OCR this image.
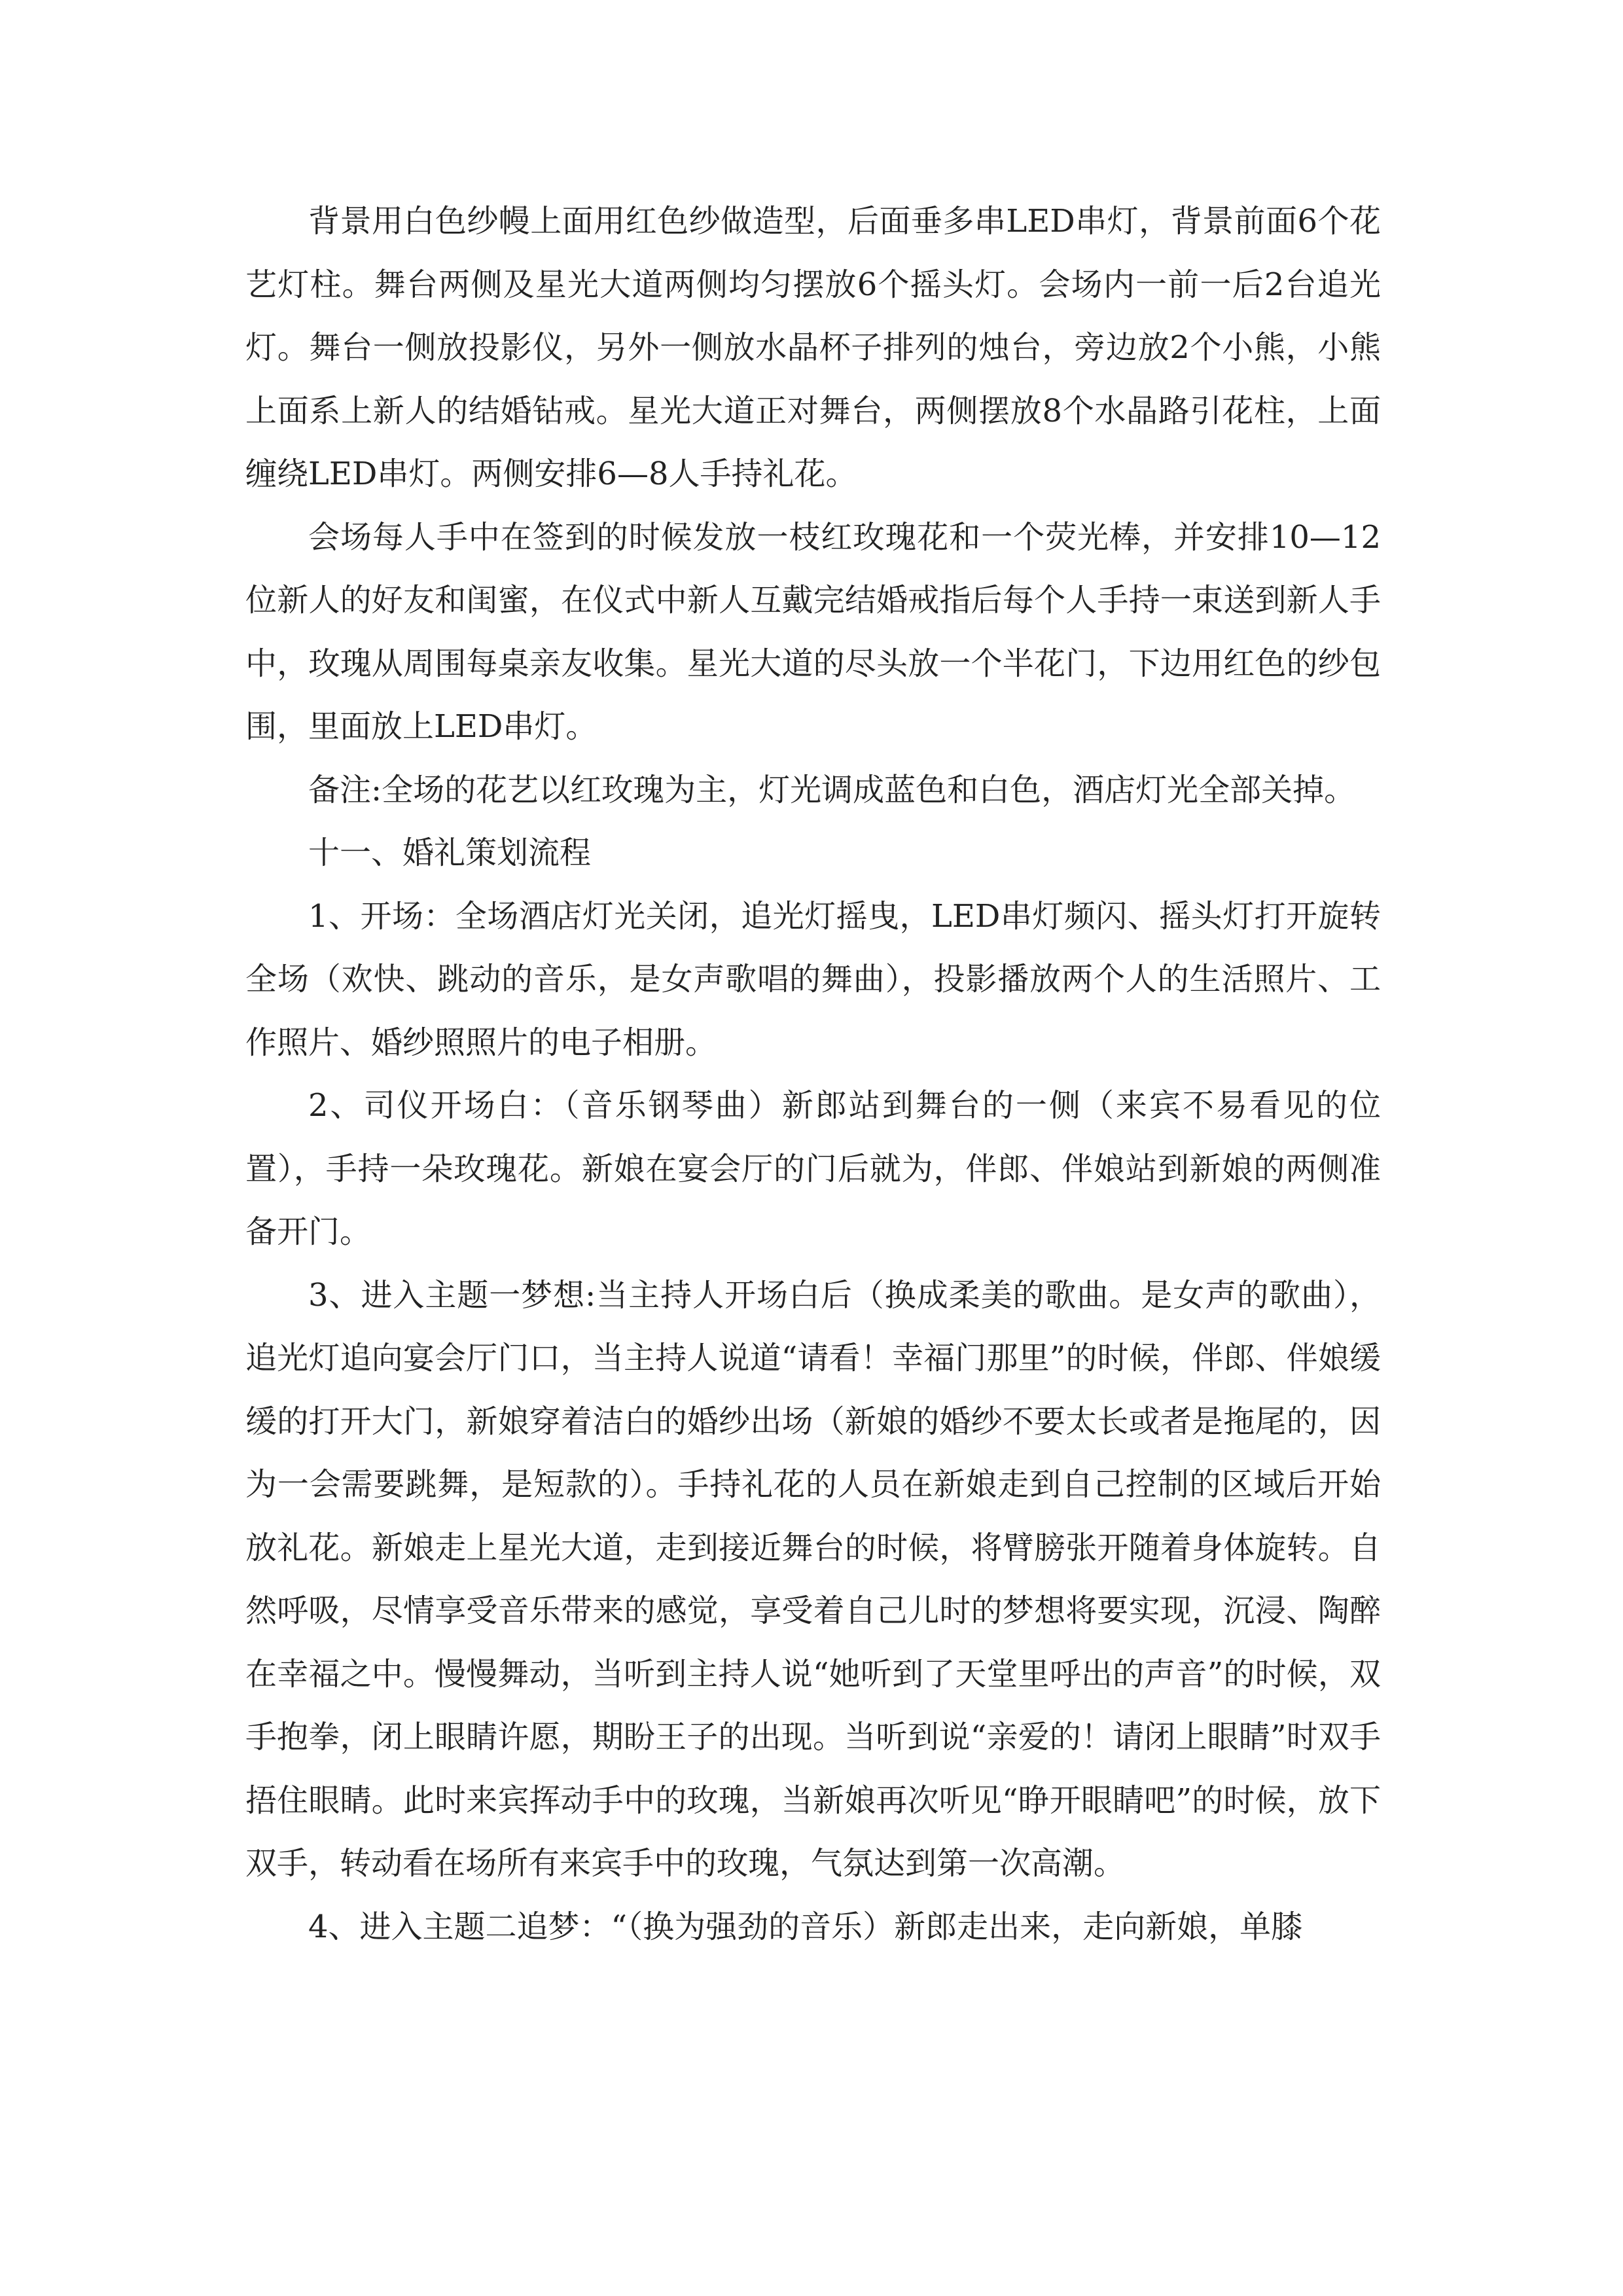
背景用白色纱幔上面用红色纱做造型，后面垂多串LED串灯，背景前面6个花艺灯柱。舞台两侧及星光大道两侧均匀摆放6个摇头灯。会场内一前一后2台追光灯。舞台一侧放投影仪，另外一侧放水晶杯子排列的烛台，旁边放2个小熊，小熊上面系上新人的结婚钻戒。星光大道正对舞台，两侧摆放8个水晶路引花柱，上面缠绕LED串灯。两侧安排6—8人手持礼花。

会场每人手中在签到的时候发放一枝红玫瑰花和一个荧光棒，并安排10—12位新人的好友和闺蜜，在仪式中新人互戴完结婚戒指后每个人手持一束送到新人手中，玫瑰从周围每桌亲友收集。星光大道的尽头放一个半花门，下边用红色的纱包围，里面放上LED串灯。

备注:全场的花艺以红玫瑰为主，灯光调成蓝色和白色，酒店灯光全部关掉。

十一、婚礼策划流程

1、开场：全场酒店灯光关闭，追光灯摇曳，LED串灯频闪、摇头灯打开旋转全场（欢快、跳动的音乐，是女声歌唱的舞曲），投影播放两个人的生活照片、工作照片、婚纱照照片的电子相册。

2、司仪开场白：（音乐钢琴曲）新郎站到舞台的一侧（来宾不易看见的位置），手持一朵玫瑰花。新娘在宴会厅的门后就为，伴郎、伴娘站到新娘的两侧准备开门。

3、进入主题一梦想:当主持人开场白后（换成柔美的歌曲。是女声的歌曲），追光灯追向宴会厅门口，当主持人说道“请看！幸福门那里”的时候，伴郎、伴娘缓缓的打开大门，新娘穿着洁白的婚纱出场（新娘的婚纱不要太长或者是拖尾的，因为一会需要跳舞，是短款的）。手持礼花的人员在新娘走到自己控制的区域后开始放礼花。新娘走上星光大道，走到接近舞台的时候，将臂膀张开随着身体旋转。自然呼吸，尽情享受音乐带来的感觉，享受着自己儿时的梦想将要实现，沉浸、陶醉在幸福之中。慢慢舞动，当听到主持人说“她听到了天堂里呼出的声音”的时候，双手抱拳，闭上眼睛许愿，期盼王子的出现。当听到说“亲爱的！请闭上眼睛”时双手捂住眼睛。此时来宾挥动手中的玫瑰，当新娘再次听见“睁开眼睛吧”的时候，放下双手，转动看在场所有来宾手中的玫瑰，气氛达到第一次高潮。

4、进入主题二追梦：“（换为强劲的音乐）新郎走出来，走向新娘，单膝
